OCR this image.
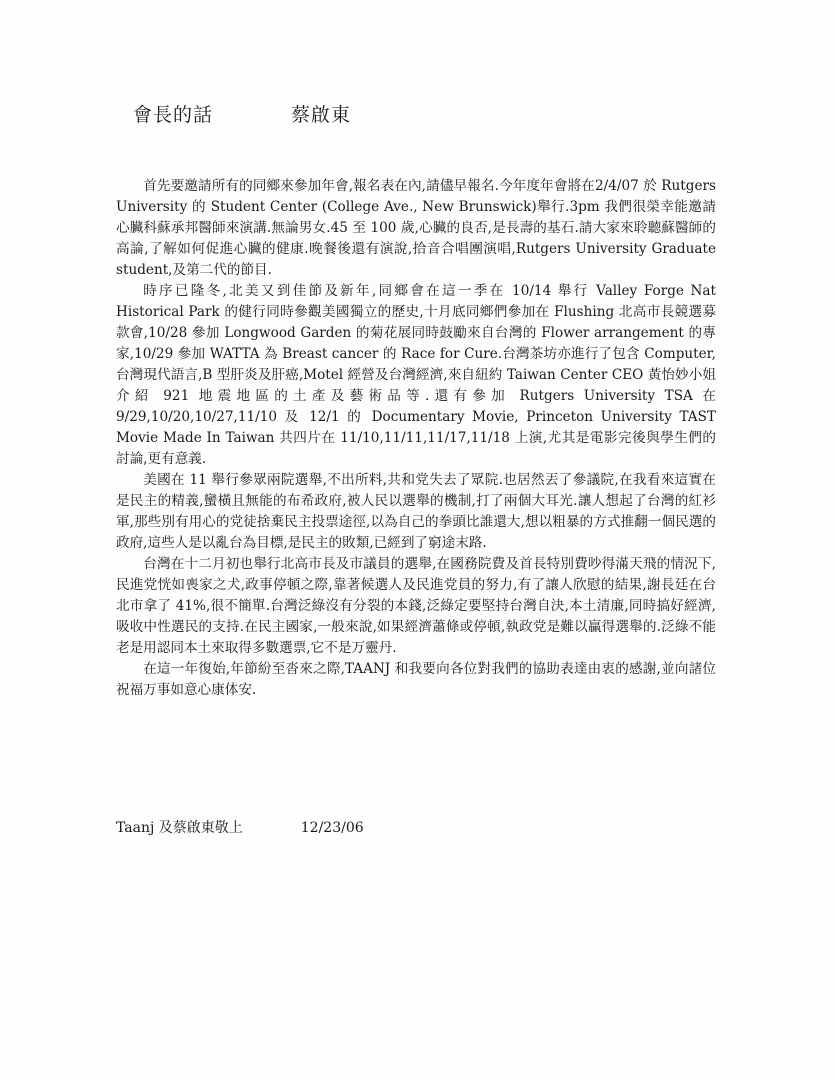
會長的話	蔡啟東

首先要邀請所有的同鄉來參加年會,報名表在內,請儘早報名.今年度年會將在2/4/07 於 Rutgers University 的 Student Center (College Ave., New Brunswick)舉行.3pm 我們很榮幸能邀請心臟科蘇承邦醫師來演講.無論男女.45 至 100 歲,心臟的良否,是長壽的基石.請大家來聆聽蘇醫師的高論,了解如何促進心臟的健康.晚餐後還有演說,拾音合唱團演唱,Rutgers University Graduate student,及第二代的節目.

時序已隆冬,北美又到佳節及新年,同鄉會在這一季在 10/14 舉行 Valley Forge Nat Historical Park 的健行同時參觀美國獨立的歷史,十月底同鄉們參加在 Flushing 北高市長競選募款會,10/28 參加 Longwood Garden 的菊花展同時鼓勵來自台灣的 Flower arrangement 的專家,10/29 參加 WATTA 為 Breast cancer 的 Race for Cure.台灣茶坊亦進行了包含 Computer,台灣現代語言,B 型肝炎及肝癌,Motel 經營及台灣經濟,來自紐約 Taiwan Center CEO 黃怡妙小姐介紹 921 地震地區的土產及藝術品等.還有參加 Rutgers University TSA 在 9/29,10/20,10/27,11/10 及 12/1 的 Documentary Movie, Princeton University TAST Movie Made In Taiwan 共四片在 11/10,11/11,11/17,11/18 上演,尤其是電影完後與學生們的討論,更有意義.

美國在 11 舉行參眾兩院選舉,不出所料,共和党失去了眾院.也居然丟了參議院,在我看來這實在是民主的精義,蠻橫且無能的布希政府,被人民以選舉的機制,打了兩個大耳光.讓人想起了台灣的紅衫軍,那些別有用心的党徒捨棄民主投票途徑,以為自己的拳頭比誰還大,想以粗暴的方式推翻一個民選的政府,這些人是以亂台為目標,是民主的敗類,已經到了窮途末路.

台灣在十二月初也舉行北高市長及市議員的選舉,在國務院費及首長特別費吵得滿天飛的情況下,民進党恍如喪家之犬,政事停頓之際,靠著候選人及民進党員的努力,有了讓人欣慰的結果,謝長廷在台北市拿了 41%,很不簡單.台灣泛綠沒有分裂的本錢,泛綠定要堅持台灣自決,本土清廉,同時搞好經濟,吸收中性選民的支持.在民主國家,一般來說,如果經濟蕭條或停頓,執政党是難以贏得選舉的.泛綠不能老是用認同本土來取得多數選票,它不是万靈丹.

在這一年復始,年節紛至沓來之際,TAANJ 和我要向各位對我們的協助表達由衷的感謝,並向諸位祝福万事如意心康体安.

Taanj 及蔡啟東敬上	12/23/06
